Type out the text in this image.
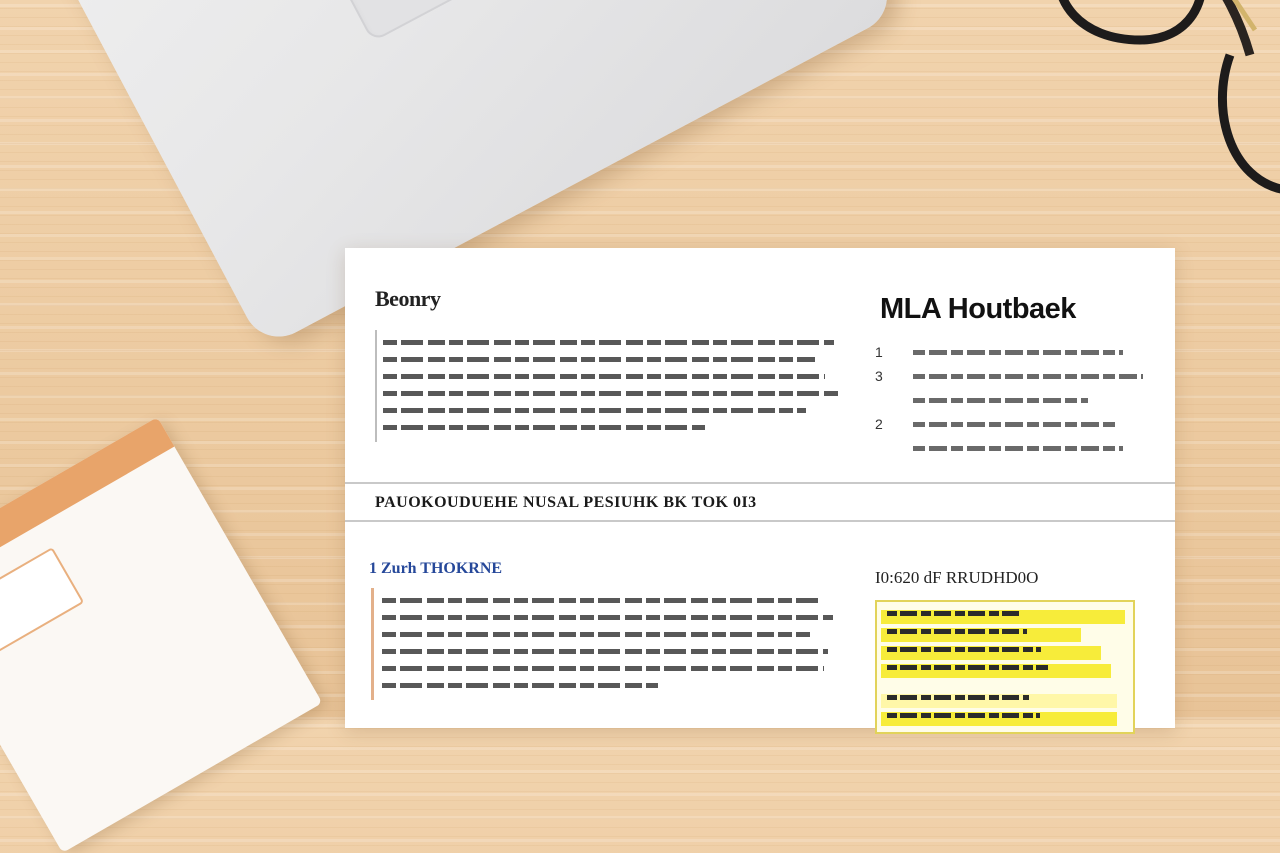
Beonry	MLA Houtbaek
1
3
2
PAUOKOUDUEHE NUSAL PESIUHK BK TOK 0I3
1 Zurh THOKRNE	I0:620 dF RRUDHD0O
